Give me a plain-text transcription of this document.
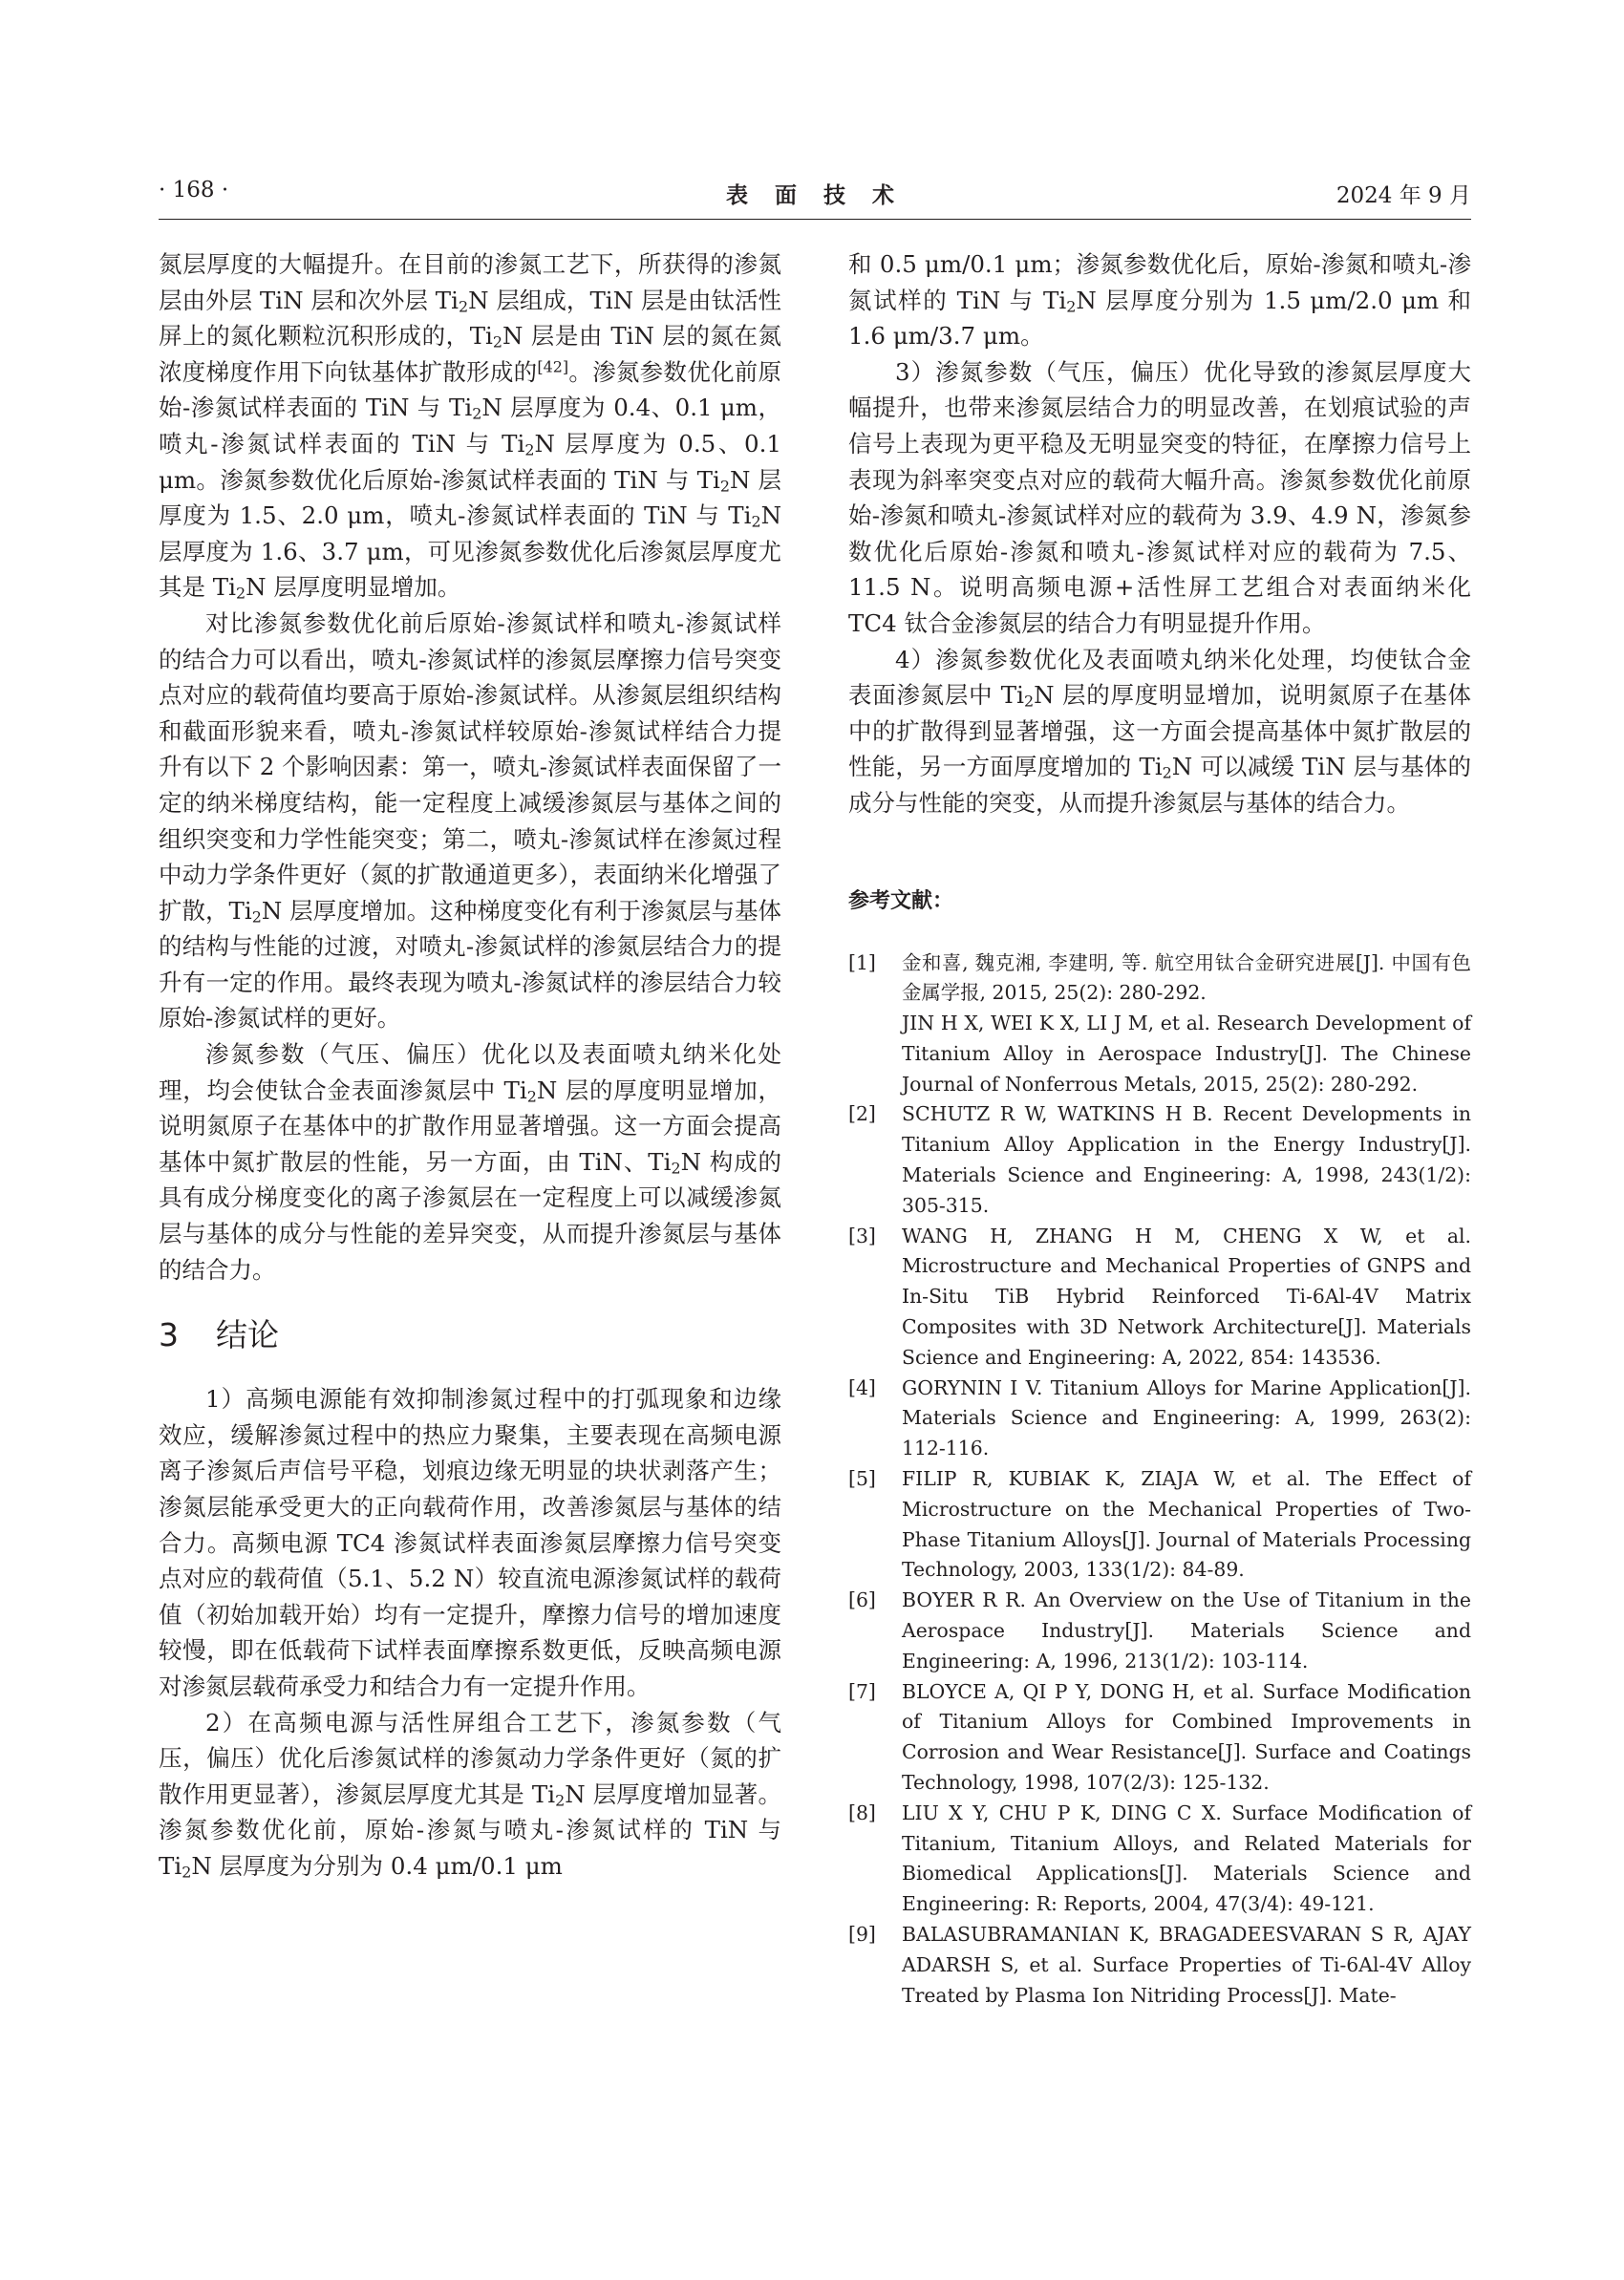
· 168 ·	表 面 技 术	2024 年 9 月

氮层厚度的大幅提升。在目前的渗氮工艺下，所获得的渗氮层由外层 TiN 层和次外层 $Ti_2N$ 层组成，TiN 层是由钛活性屏上的氮化颗粒沉积形成的，$Ti_2N$ 层是由 TiN 层的氮在氮浓度梯度作用下向钛基体扩散形成的[42]。渗氮参数优化前原始-渗氮试样表面的 TiN 与 $Ti_2N$ 层厚度为 0.4、0.1 μm，喷丸-渗氮试样表面的 TiN 与 $Ti_2N$ 层厚度为 0.5、0.1 μm。渗氮参数优化后原始-渗氮试样表面的 TiN 与 $Ti_2N$ 层厚度为 1.5、2.0 μm，喷丸-渗氮试样表面的 TiN 与 $Ti_2N$ 层厚度为 1.6、3.7 μm，可见渗氮参数优化后渗氮层厚度尤其是 $Ti_2N$ 层厚度明显增加。

对比渗氮参数优化前后原始-渗氮试样和喷丸-渗氮试样的结合力可以看出，喷丸-渗氮试样的渗氮层摩擦力信号突变点对应的载荷值均要高于原始-渗氮试样。从渗氮层组织结构和截面形貌来看，喷丸-渗氮试样较原始-渗氮试样结合力提升有以下 2 个影响因素：第一，喷丸-渗氮试样表面保留了一定的纳米梯度结构，能一定程度上减缓渗氮层与基体之间的组织突变和力学性能突变；第二，喷丸-渗氮试样在渗氮过程中动力学条件更好（氮的扩散通道更多），表面纳米化增强了扩散，$Ti_2N$ 层厚度增加。这种梯度变化有利于渗氮层与基体的结构与性能的过渡，对喷丸-渗氮试样的渗氮层结合力的提升有一定的作用。最终表现为喷丸-渗氮试样的渗层结合力较原始-渗氮试样的更好。

渗氮参数（气压、偏压）优化以及表面喷丸纳米化处理，均会使钛合金表面渗氮层中 $Ti_2N$ 层的厚度明显增加，说明氮原子在基体中的扩散作用显著增强。这一方面会提高基体中氮扩散层的性能，另一方面，由 TiN、$Ti_2N$ 构成的具有成分梯度变化的离子渗氮层在一定程度上可以减缓渗氮层与基体的成分与性能的差异突变，从而提升渗氮层与基体的结合力。

3 结论

1）高频电源能有效抑制渗氮过程中的打弧现象和边缘效应，缓解渗氮过程中的热应力聚集，主要表现在高频电源离子渗氮后声信号平稳，划痕边缘无明显的块状剥落产生；渗氮层能承受更大的正向载荷作用，改善渗氮层与基体的结合力。高频电源 TC4 渗氮试样表面渗氮层摩擦力信号突变点对应的载荷值（5.1、5.2 N）较直流电源渗氮试样的载荷值（初始加载开始）均有一定提升，摩擦力信号的增加速度较慢，即在低载荷下试样表面摩擦系数更低，反映高频电源对渗氮层载荷承受力和结合力有一定提升作用。

2）在高频电源与活性屏组合工艺下，渗氮参数（气压，偏压）优化后渗氮试样的渗氮动力学条件更好（氮的扩散作用更显著），渗氮层厚度尤其是 $Ti_2N$ 层厚度增加显著。渗氮参数优化前，原始-渗氮与喷丸-渗氮试样的 TiN 与 $Ti_2N$ 层厚度为分别为 0.4 μm/0.1 μm

和 0.5 μm/0.1 μm；渗氮参数优化后，原始-渗氮和喷丸-渗氮试样的 TiN 与 $Ti_2N$ 层厚度分别为 1.5 μm/2.0 μm 和 1.6 μm/3.7 μm。

3）渗氮参数（气压，偏压）优化导致的渗氮层厚度大幅提升，也带来渗氮层结合力的明显改善，在划痕试验的声信号上表现为更平稳及无明显突变的特征，在摩擦力信号上表现为斜率突变点对应的载荷大幅升高。渗氮参数优化前原始-渗氮和喷丸-渗氮试样对应的载荷为 3.9、4.9 N，渗氮参数优化后原始-渗氮和喷丸-渗氮试样对应的载荷为 7.5、11.5 N。说明高频电源+活性屏工艺组合对表面纳米化 TC4 钛合金渗氮层的结合力有明显提升作用。

4）渗氮参数优化及表面喷丸纳米化处理，均使钛合金表面渗氮层中 $Ti_2N$ 层的厚度明显增加，说明氮原子在基体中的扩散得到显著增强，这一方面会提高基体中氮扩散层的性能，另一方面厚度增加的 $Ti_2N$ 可以减缓 TiN 层与基体的成分与性能的突变，从而提升渗氮层与基体的结合力。

参考文献：
[1] 金和喜, 魏克湘, 李建明, 等. 航空用钛合金研究进展[J]. 中国有色金属学报, 2015, 25(2): 280-292.
JIN H X, WEI K X, LI J M, et al. Research Development of Titanium Alloy in Aerospace Industry[J]. The Chinese Journal of Nonferrous Metals, 2015, 25(2): 280-292.
[2] SCHUTZ R W, WATKINS H B. Recent Developments in Titanium Alloy Application in the Energy Industry[J]. Materials Science and Engineering: A, 1998, 243(1/2): 305-315.
[3] WANG H, ZHANG H M, CHENG X W, et al. Microstructure and Mechanical Properties of GNPS and In-Situ TiB Hybrid Reinforced Ti-6Al-4V Matrix Composites with 3D Network Architecture[J]. Materials Science and Engineering: A, 2022, 854: 143536.
[4] GORYNIN I V. Titanium Alloys for Marine Application[J]. Materials Science and Engineering: A, 1999, 263(2): 112-116.
[5] FILIP R, KUBIAK K, ZIAJA W, et al. The Effect of Microstructure on the Mechanical Properties of Two-Phase Titanium Alloys[J]. Journal of Materials Processing Technology, 2003, 133(1/2): 84-89.
[6] BOYER R R. An Overview on the Use of Titanium in the Aerospace Industry[J]. Materials Science and Engineering: A, 1996, 213(1/2): 103-114.
[7] BLOYCE A, QI P Y, DONG H, et al. Surface Modification of Titanium Alloys for Combined Improvements in Corrosion and Wear Resistance[J]. Surface and Coatings Technology, 1998, 107(2/3): 125-132.
[8] LIU X Y, CHU P K, DING C X. Surface Modification of Titanium, Titanium Alloys, and Related Materials for Biomedical Applications[J]. Materials Science and Engineering: R: Reports, 2004, 47(3/4): 49-121.
[9] BALASUBRAMANIAN K, BRAGADEESVARAN S R, AJAY ADARSH S, et al. Surface Properties of Ti-6Al-4V Alloy Treated by Plasma Ion Nitriding Process[J]. Mate-
